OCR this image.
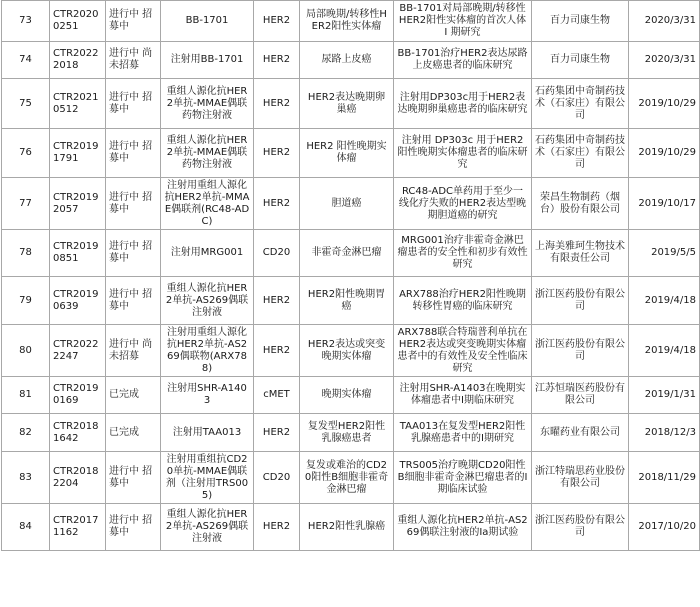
73	CTR20200251	进行中 招募中	BB-1701	HER2	局部晚期/转移性HER2阳性实体瘤	BB-1701对局部晚期/转移性HER2阳性实体瘤的首次人体 I 期研究	百力司康生物	2020/3/31

74	CTR20222018	进行中 尚未招募	注射用BB-1701	HER2	尿路上皮癌	BB-1701治疗HER2表达尿路上皮癌患者的临床研究	百力司康生物	2020/3/31

75	CTR20210512	进行中 招募中	重组人源化抗HER2单抗-MMAE偶联药物注射液	HER2	HER2表达晚期卵巢癌	注射用DP303c用于HER2表达晚期卵巢癌患者的临床研究	石药集团中奇制药技术（石家庄）有限公司	2019/10/29

76	CTR20191791	进行中 招募中	重组人源化抗HER2单抗-MMAE偶联药物注射液	HER2	HER2 阳性晚期实体瘤	注射用 DP303c 用于HER2阳性晚期实体瘤患者的临床研究	石药集团中奇制药技术（石家庄）有限公司	2019/10/29

77	CTR20192057	进行中 招募中	注射用重组人源化抗HER2单抗-MMAE偶联剂(RC48-ADC)	HER2	胆道癌	RC48-ADC单药用于至少一线化疗失败的HER2表达型晚期胆道癌的研究	荣昌生物制药（烟台）股份有限公司	2019/10/17

78	CTR20190851	进行中 招募中	注射用MRG001	CD20	非霍奇金淋巴瘤	MRG001治疗非霍奇金淋巴瘤患者的安全性和初步有效性研究	上海美雅珂生物技术有限责任公司	2019/5/5

79	CTR20190639	进行中 招募中	重组人源化抗HER2单抗-AS269偶联注射液	HER2	HER2阳性晚期胃癌	ARX788治疗HER2阳性晚期转移性胃癌的临床研究	浙江医药股份有限公司	2019/4/18

80	CTR20222247	进行中 尚未招募	注射用重组人源化抗HER2单抗-AS269偶联物(ARX788)	HER2	HER2表达或突变晚期实体瘤	ARX788联合特瑞普利单抗在HER2表达或突变晚期实体瘤患者中的有效性及安全性临床研究	浙江医药股份有限公司	2019/4/18

81	CTR20190169	已完成	注射用SHR-A1403	cMET	晚期实体瘤	注射用SHR-A1403在晚期实体瘤患者中I期临床研究	江苏恒瑞医药股份有限公司	2019/1/31

82	CTR20181642	已完成	注射用TAA013	HER2	复发型HER2阳性乳腺癌患者	TAA013在复发型HER2阳性乳腺癌患者中的I期研究	东曜药业有限公司	2018/12/3

83	CTR20182204	进行中 招募中	注射用重组抗CD20单抗-MMAE偶联剂（注射用TRS005)	CD20	复发或难治的CD20阳性B细胞非霍奇金淋巴瘤	TRS005治疗晚期CD20阳性B细胞非霍奇金淋巴瘤患者的I期临床试验	浙江特瑞思药业股份有限公司	2018/11/29

84	CTR20171162	进行中 招募中	重组人源化抗HER2单抗-AS269偶联注射液	HER2	HER2阳性乳腺癌	重组人源化抗HER2单抗-AS269偶联注射液的Ia期试验	浙江医药股份有限公司	2017/10/20
